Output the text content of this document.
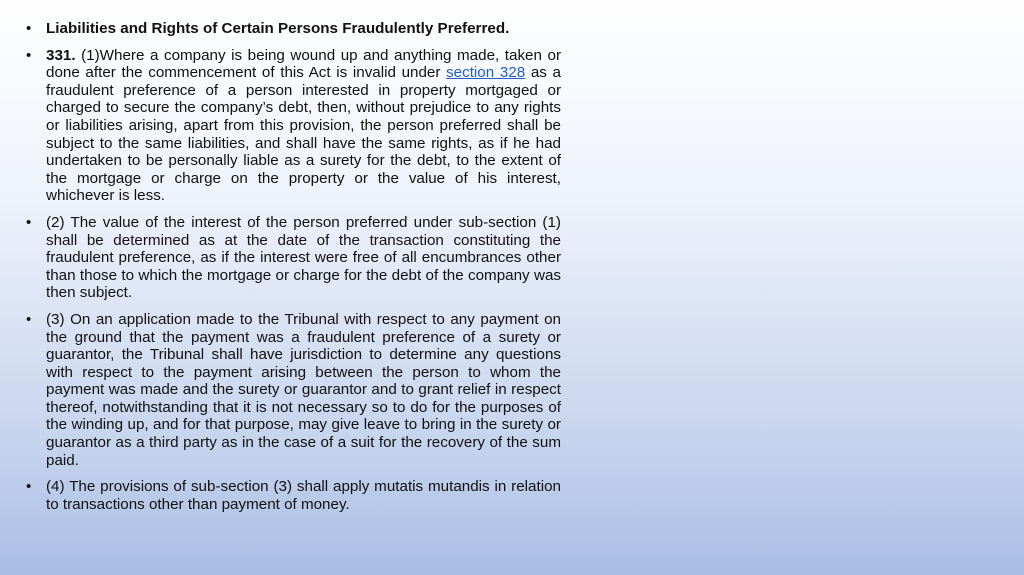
• Liabilities and Rights of Certain Persons Fraudulently Preferred.
• 331. (1)Where a company is being wound up and anything made, taken or done after the commencement of this Act is invalid under section 328 as a fraudulent preference of a person interested in property mortgaged or charged to secure the company’s debt, then, without prejudice to any rights or liabilities arising, apart from this provision, the person preferred shall be subject to the same liabilities, and shall have the same rights, as if he had undertaken to be personally liable as a surety for the debt, to the extent of the mortgage or charge on the property or the value of his interest, whichever is less.
• (2) The value of the interest of the person preferred under sub-section (1) shall be determined as at the date of the transaction constituting the fraudulent preference, as if the interest were free of all encumbrances other than those to which the mortgage or charge for the debt of the company was then subject.
• (3) On an application made to the Tribunal with respect to any payment on the ground that the payment was a fraudulent preference of a surety or guarantor, the Tribunal shall have jurisdiction to determine any questions with respect to the payment arising between the person to whom the payment was made and the surety or guarantor and to grant relief in respect thereof, notwithstanding that it is not necessary so to do for the purposes of the winding up, and for that purpose, may give leave to bring in the surety or guarantor as a third party as in the case of a suit for the recovery of the sum paid.
• (4) The provisions of sub-section (3) shall apply mutatis mutandis in relation to transactions other than payment of money.
